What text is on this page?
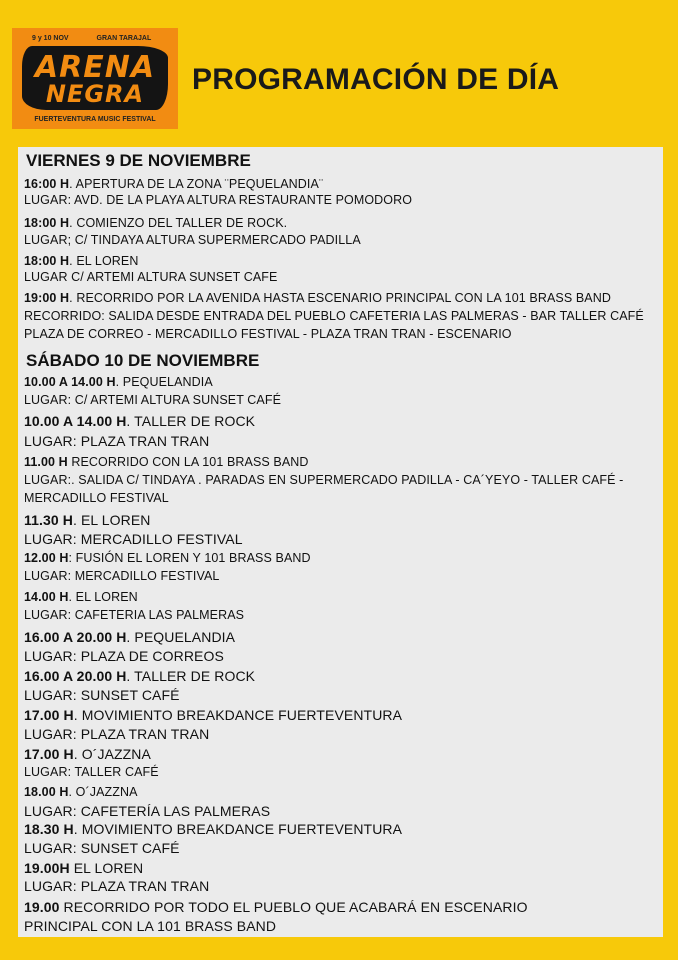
9 y 10 NOV	GRAN TARAJAL
ARENA
NEGRA
FUERTEVENTURA MUSIC FESTIVAL
PROGRAMACIÓN DE DÍA
VIERNES 9 DE NOVIEMBRE
16:00 H. APERTURA DE LA ZONA ¨PEQUELANDIA¨
LUGAR: AVD. DE LA PLAYA ALTURA RESTAURANTE POMODORO
18:00 H. COMIENZO DEL TALLER DE ROCK.
LUGAR; C/ TINDAYA ALTURA SUPERMERCADO PADILLA
18:00 H. EL LOREN
LUGAR C/ ARTEMI ALTURA SUNSET CAFE
19:00 H. RECORRIDO POR LA AVENIDA HASTA ESCENARIO PRINCIPAL CON LA 101 BRASS BAND
RECORRIDO: SALIDA DESDE ENTRADA DEL PUEBLO CAFETERIA LAS PALMERAS - BAR TALLER CAFÉ
PLAZA DE CORREO - MERCADILLO FESTIVAL - PLAZA TRAN TRAN - ESCENARIO
SÁBADO 10 DE NOVIEMBRE
10.00 A 14.00 H. PEQUELANDIA
LUGAR: C/ ARTEMI ALTURA SUNSET CAFÉ
10.00 A 14.00 H. TALLER DE ROCK
LUGAR: PLAZA TRAN TRAN
11.00 H RECORRIDO CON LA 101 BRASS BAND
LUGAR:. SALIDA C/ TINDAYA . PARADAS EN SUPERMERCADO PADILLA - CA´YEYO - TALLER CAFÉ -
MERCADILLO FESTIVAL
11.30 H. EL LOREN
LUGAR: MERCADILLO FESTIVAL
12.00 H: FUSIÓN EL LOREN Y 101 BRASS BAND
LUGAR: MERCADILLO FESTIVAL
14.00 H. EL LOREN
LUGAR: CAFETERIA LAS PALMERAS
16.00 A 20.00 H. PEQUELANDIA
LUGAR: PLAZA DE CORREOS
16.00 A 20.00 H. TALLER DE ROCK
LUGAR: SUNSET CAFÉ
17.00 H. MOVIMIENTO BREAKDANCE FUERTEVENTURA
LUGAR: PLAZA TRAN TRAN
17.00 H. O´JAZZNA
LUGAR: TALLER CAFÉ
18.00 H. O´JAZZNA
LUGAR: CAFETERÍA LAS PALMERAS
18.30 H. MOVIMIENTO BREAKDANCE FUERTEVENTURA
LUGAR: SUNSET CAFÉ
19.00H EL LOREN
LUGAR: PLAZA TRAN TRAN
19.00 RECORRIDO POR TODO EL PUEBLO QUE ACABARÁ EN ESCENARIO
PRINCIPAL CON LA 101 BRASS BAND
